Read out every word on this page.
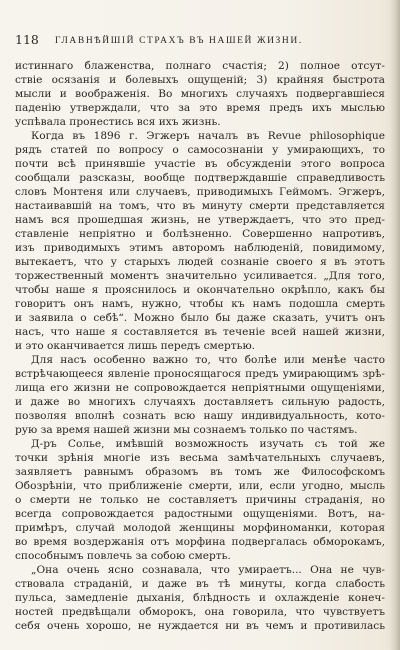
118 ГЛАВНѢЙШІЙ СТРАХЪ ВЪ НАШЕЙ ЖИЗНИ.
истиннаго блаженства, полнаго счастія; 2) полное отсут-
ствіе осязанія и болевыхъ ощущеній; 3) крайняя быстрота
мысли и воображенія. Во многихъ случаяхъ подвергавшіеся
паденію утверждали, что за это время предъ ихъ мыслью
успѣвала пронестись вся ихъ жизнь.
Когда въ 1896 г. Эгжеръ началъ въ Revue philosophique
рядъ статей по вопросу о самосознаніи у умирающихъ, то
почти всѣ принявшіе участіе въ обсужденіи этого вопроса
сообщали разсказы, вообще подтверждавшіе справедливость
словъ Монтеня или случаевъ, приводимыхъ Геймомъ. Эгжеръ,
настаивавшій на томъ, что въ минуту смерти представляется
намъ вся прошедшая жизнь, не утверждаетъ, что это пред-
ставленіе непріятно и болѣзненно. Совершенно напротивъ,
изъ приводимыхъ этимъ авторомъ наблюденій, повидимому,
вытекаетъ, что у старыхъ людей сознаніе своего я въ этотъ
торжественный моментъ значительно усиливается. „Для того,
чтобы наше я прояснилось и окончательно окрѣпло, какъ бы
говоритъ онъ намъ, нужно, чтобы къ намъ подошла смерть
и заявила о себѣ“. Можно было бы даже сказать, учитъ онъ
насъ, что наше я составляется въ теченіе всей нашей жизни,
и это оканчивается лишь передъ смертью.
Для насъ особенно важно то, что болѣе или менѣе часто
встрѣчающееся явленіе проносящагося предъ умирающимъ зрѣ-
лища его жизни не сопровождается непріятными ощущеніями,
и даже во многихъ случаяхъ доставляетъ сильную радость,
позволяя вполнѣ сознать всю нашу индивидуальность, кото-
рую за время нашей жизни мы сознаемъ только по частямъ.
Д-ръ Сольe, имѣвшій возможность изучать съ той же
точки зрѣнія многіе изъ весьма замѣчательныхъ случаевъ,
заявляетъ равнымъ образомъ въ томъ же Философскомъ
Обозрѣніи, что приближеніе смерти, или, если угодно, мысль
о смерти не только не составляетъ причины страданія, но
всегда сопровождается радостными ощущеніями. Вотъ, на-
примѣръ, случай молодой женщины морфиноманки, которая
во время воздержанія отъ морфина подвергалась обморокамъ,
способнымъ повлечь за собою смерть.
„Она очень ясно сознавала, что умираетъ... Она не чув-
ствовала страданій, и даже въ тѣ минуты, когда слабость
пульса, замедленіе дыханія, блѣдность и охлажденіе конеч-
ностей предвѣщали обморокъ, она говорила, что чувствуетъ
себя очень хорошо, не нуждается ни въ чемъ и противилась
